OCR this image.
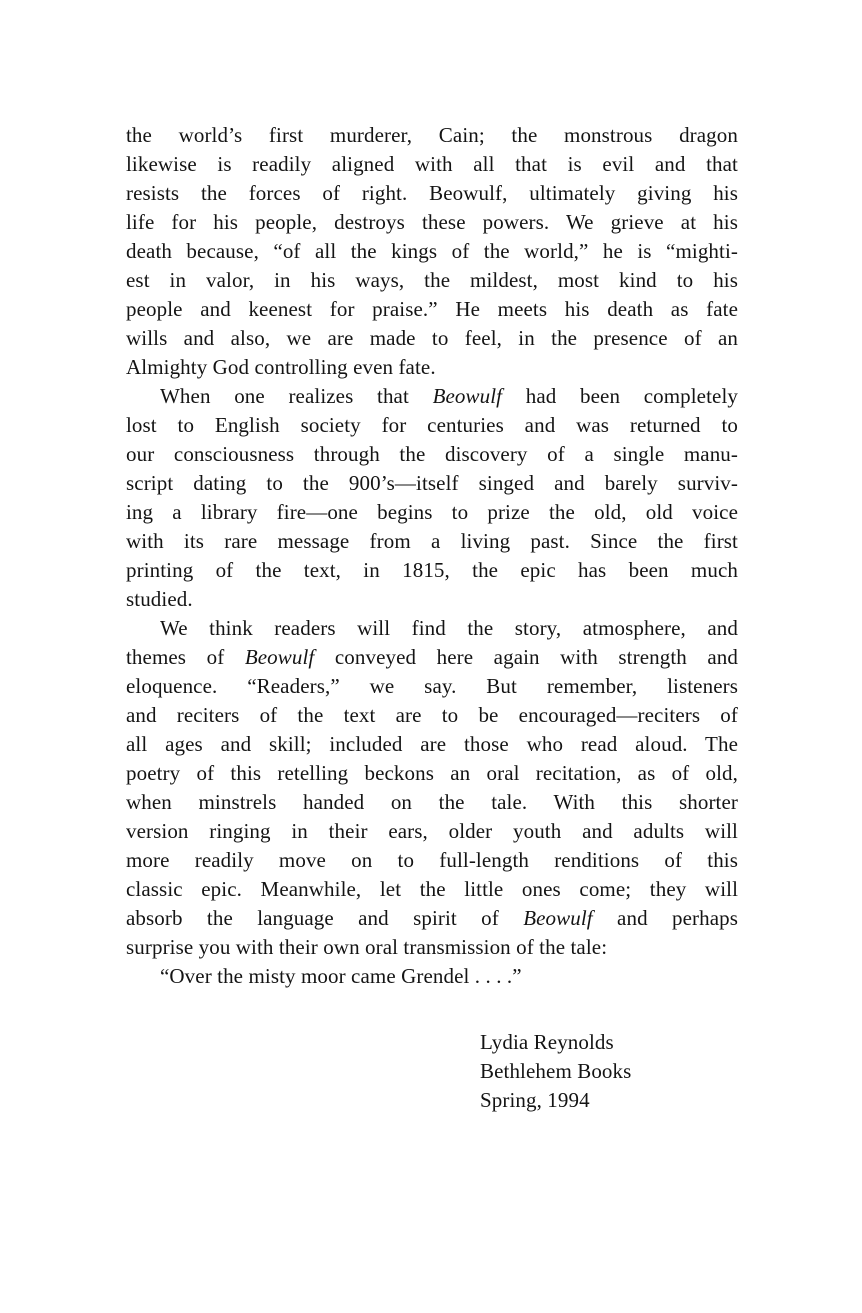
the world’s first murderer, Cain; the monstrous dragon
likewise is readily aligned with all that is evil and that
resists the forces of right. Beowulf, ultimately giving his
life for his people, destroys these powers. We grieve at his
death because, “of all the kings of the world,” he is “mighti-
est in valor, in his ways, the mildest, most kind to his
people and keenest for praise.” He meets his death as fate
wills and also, we are made to feel, in the presence of an
Almighty God controlling even fate.
When one realizes that Beowulf had been completely
lost to English society for centuries and was returned to
our consciousness through the discovery of a single manu-
script dating to the 900’s—itself singed and barely surviv-
ing a library fire—one begins to prize the old, old voice
with its rare message from a living past. Since the first
printing of the text, in 1815, the epic has been much
studied.
We think readers will find the story, atmosphere, and
themes of Beowulf conveyed here again with strength and
eloquence. “Readers,” we say. But remember, listeners
and reciters of the text are to be encouraged—reciters of
all ages and skill; included are those who read aloud. The
poetry of this retelling beckons an oral recitation, as of old,
when minstrels handed on the tale. With this shorter
version ringing in their ears, older youth and adults will
more readily move on to full-length renditions of this
classic epic. Meanwhile, let the little ones come; they will
absorb the language and spirit of Beowulf and perhaps
surprise you with their own oral transmission of the tale:
“Over the misty moor came Grendel . . . .”
Lydia Reynolds
Bethlehem Books
Spring, 1994
